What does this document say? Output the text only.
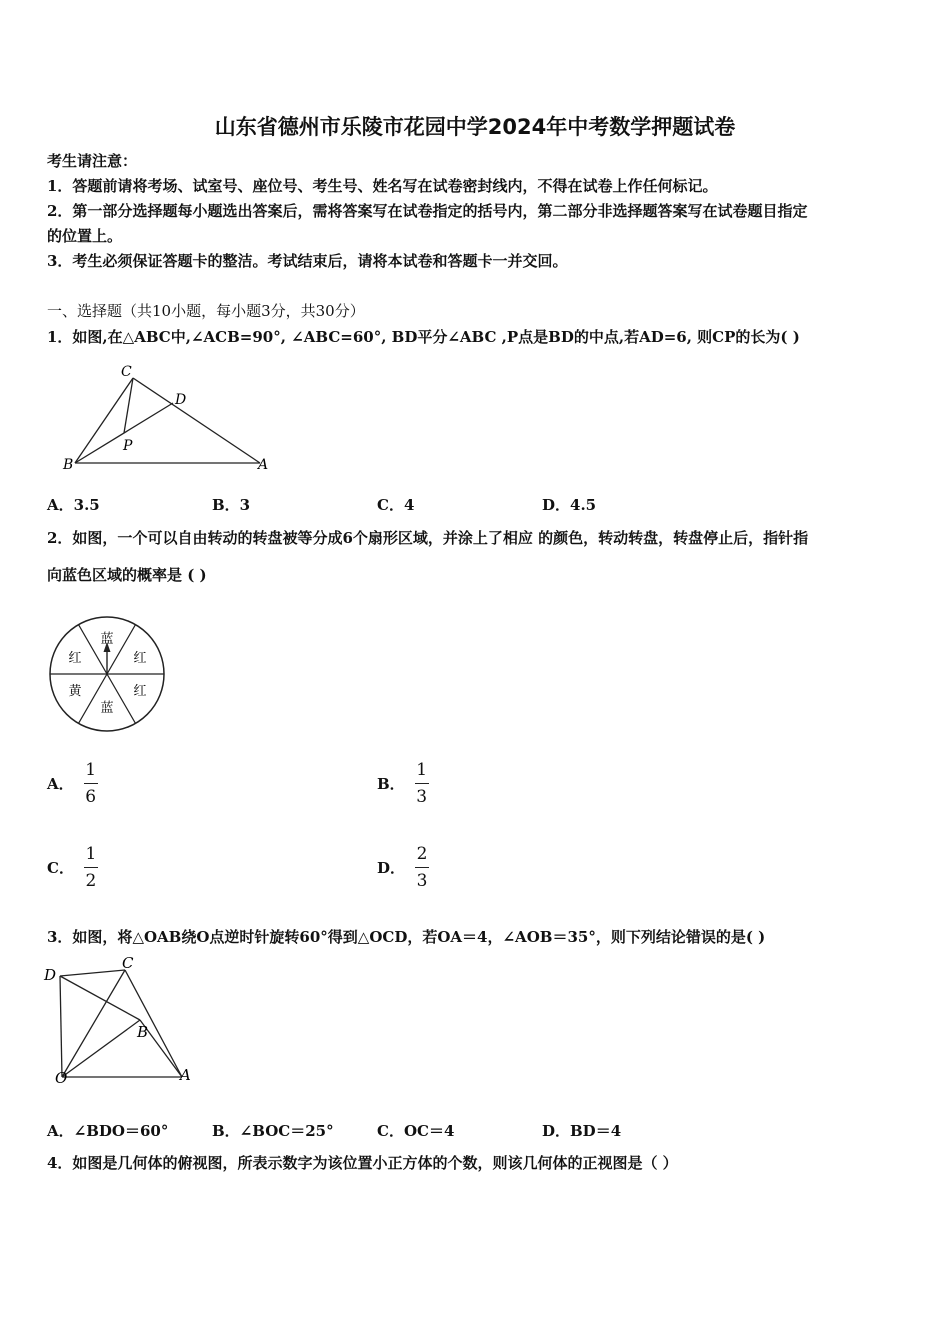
山东省德州市乐陵市花园中学2024年中考数学押题试卷
考生请注意：
1．答题前请将考场、试室号、座位号、考生号、姓名写在试卷密封线内，不得在试卷上作任何标记。
2．第一部分选择题每小题选出答案后，需将答案写在试卷指定的括号内，第二部分非选择题答案写在试卷题目指定
的位置上。
3．考生必须保证答题卡的整洁。考试结束后，请将本试卷和答题卡一并交回。
一、选择题（共10小题，每小题3分，共30分）
1．如图,在△ABC中,∠ACB=90°, ∠ABC=60°, BD平分∠ABC ,P点是BD的中点,若AD=6, 则CP的长为( )
C
D
P
B	A
A．3.5	B．3	C．4	D．4.5
2．如图，一个可以自由转动的转盘被等分成6个扇形区域，并涂上了相应 的颜色，转动转盘，转盘停止后，指针指
向蓝色区域的概率是 ( )
蓝
红
红
蓝
黄
红
A． $\frac{1}{6}$	B． $\frac{1}{3}$
C． $\frac{1}{2}$	D． $\frac{2}{3}$
3．如图，将△OAB绕O点逆时针旋转60°得到△OCD，若OA＝4，∠AOB＝35°，则下列结论错误的是( )
D
C
B
O	A
A．∠BDO＝60°	B．∠BOC＝25°	C．OC＝4	D．BD＝4
4．如图是几何体的俯视图，所表示数字为该位置小正方体的个数，则该几何体的正视图是（ ）
